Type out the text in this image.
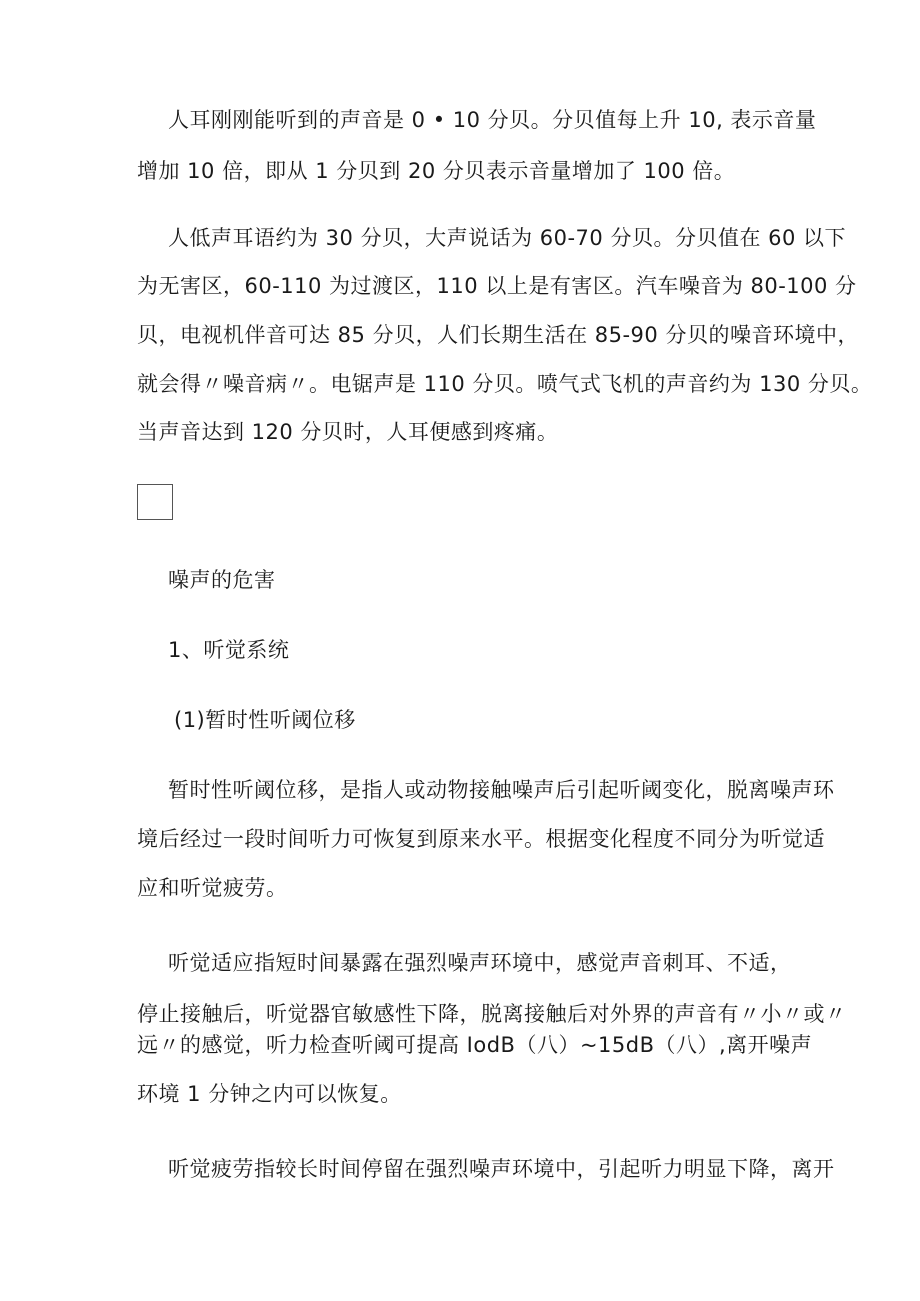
人耳刚刚能听到的声音是 0 • 10 分贝。分贝值每上升 10, 表示音量
增加 10 倍，即从 1 分贝到 20 分贝表示音量增加了 100 倍。
人低声耳语约为 30 分贝，大声说话为 60-70 分贝。分贝值在 60 以下
为无害区，60-110 为过渡区，110 以上是有害区。汽车噪音为 80-100 分
贝，电视机伴音可达 85 分贝，人们长期生活在 85-90 分贝的噪音环境中，
就会得〃噪音病〃。电锯声是 110 分贝。喷气式飞机的声音约为 130 分贝。
当声音达到 120 分贝时，人耳便感到疼痛。
噪声的危害
1、听觉系统
(1)暂时性听阈位移
暂时性听阈位移，是指人或动物接触噪声后引起听阈变化，脱离噪声环
境后经过一段时间听力可恢复到原来水平。根据变化程度不同分为听觉适
应和听觉疲劳。
听觉适应指短时间暴露在强烈噪声环境中，感觉声音刺耳、不适，
停止接触后，听觉器官敏感性下降，脱离接触后对外界的声音有〃小〃或〃
远〃的感觉，听力检查听阈可提高 IodB（八）~15dB（八）,离开噪声
环境 1 分钟之内可以恢复。
听觉疲劳指较长时间停留在强烈噪声环境中，引起听力明显下降，离开
